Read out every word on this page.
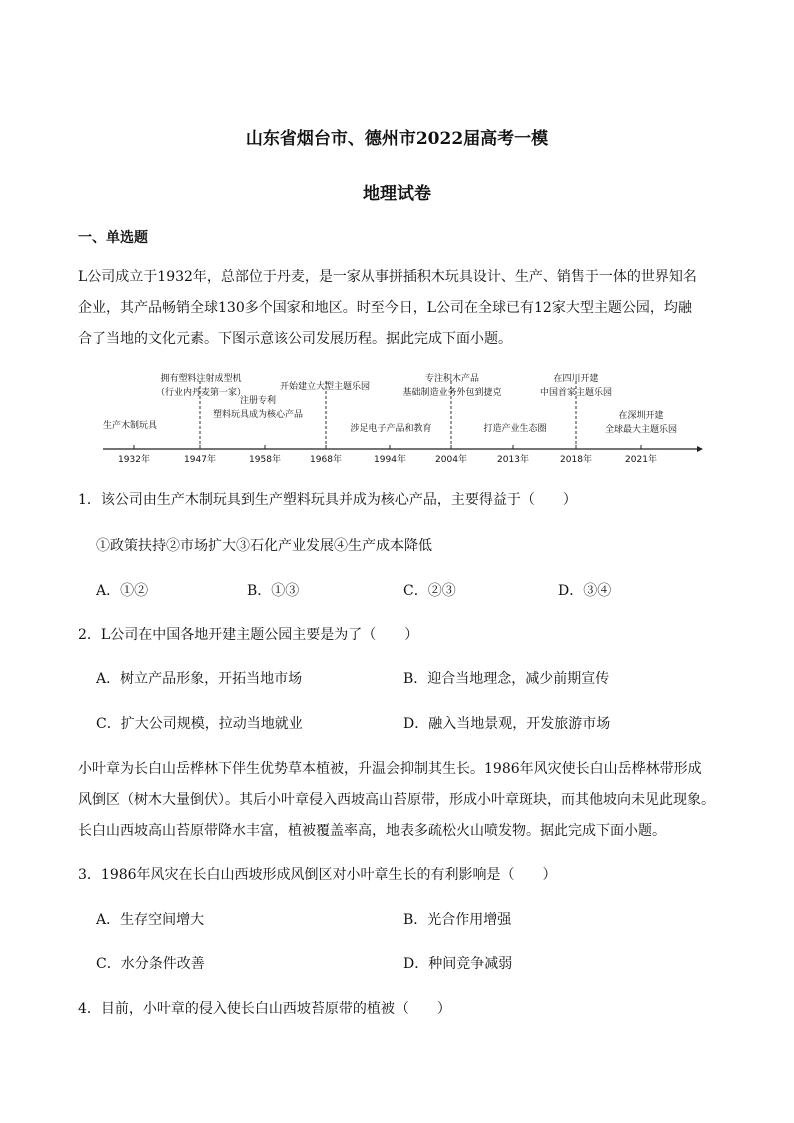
山东省烟台市、德州市2022届高考一模
地理试卷
一、单选题
L公司成立于1932年，总部位于丹麦，是一家从事拼插积木玩具设计、生产、销售于一体的世界知名
企业，其产品畅销全球130多个国家和地区。时至今日，L公司在全球已有12家大型主题公园，均融
合了当地的文化元素。下图示意该公司发展历程。据此完成下面小题。
1932年	1947年	1958年	1968年	1994年	2004年	2013年	2018年	2021年
生产木制玩具
拥有塑料注射成型机
（行业内丹麦第一家）
注册专利
塑料玩具成为核心产品
开始建立大型主题乐园
涉足电子产品和教育
专注积木产品
基础制造业务外包到捷克
打造产业生态圈
在四川开建
中国首家主题乐园
在深圳开建
全球最大主题乐园
1．该公司由生产木制玩具到生产塑料玩具并成为核心产品，主要得益于（　　）
①政策扶持②市场扩大③石化产业发展④生产成本降低
A．①②	B．①③	C．②③	D．③④
2．L公司在中国各地开建主题公园主要是为了（　　）
A．树立产品形象，开拓当地市场	B．迎合当地理念，减少前期宣传
C．扩大公司规模，拉动当地就业	D．融入当地景观，开发旅游市场
小叶章为长白山岳桦林下伴生优势草本植被，升温会抑制其生长。1986年风灾使长白山岳桦林带形成
风倒区（树木大量倒伏）。其后小叶章侵入西坡高山苔原带，形成小叶章斑块，而其他坡向未见此现象。
长白山西坡高山苔原带降水丰富，植被覆盖率高，地表多疏松火山喷发物。据此完成下面小题。
3．1986年风灾在长白山西坡形成风倒区对小叶章生长的有利影响是（　　）
A．生存空间增大	B．光合作用增强
C．水分条件改善	D．种间竞争减弱
4．目前，小叶章的侵入使长白山西坡苔原带的植被（　　）
